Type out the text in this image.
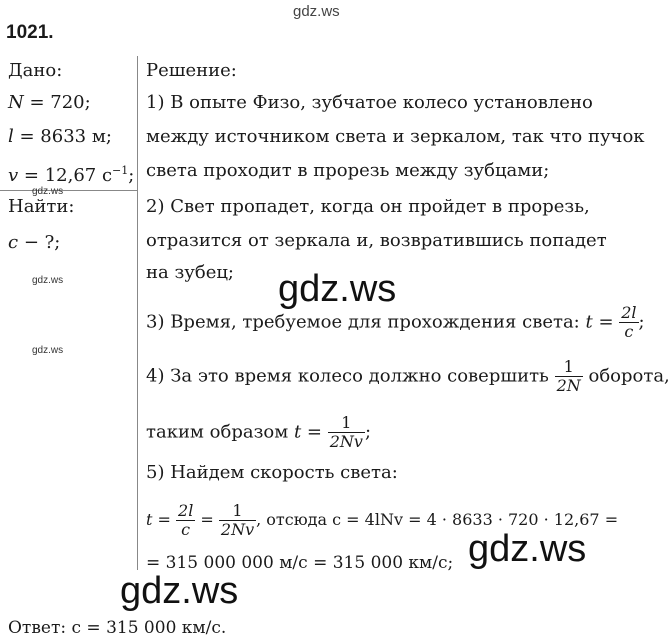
gdz.ws
1021.
Дано:
N = 720;
l = 8633 м;
v = 12,67 $с^{-1}$;
gdz.ws
Найти:
c − ?;
gdz.ws
gdz.ws
Решение:
1) В опыте Физо, зубчатое колесо установлено
между источником света и зеркалом, так что пучок
света проходит в прорезь между зубцами;
2) Свет пропадет, когда он пройдет в прорезь,
отразится от зеркала и, возвратившись попадет
на зубец; gdz.ws
3) Время, требуемое для прохождения света: $t = \frac{2l}{c}$ ;
4) За это время колесо должно совершить $\frac{1}{2N}$ оборота,
таким образом $t = \frac{1}{2Nv}$ ;
5) Найдем скорость света:
$t = \frac{2l}{c} = \frac{1}{2Nv}$ , отсюда c = 4lNv = 4 · 8633 · 720 · 12,67 =
= 315 000 000 м/с = 315 000 км/с; gdz.ws
gdz.ws
Ответ: c = 315 000 км/с.
